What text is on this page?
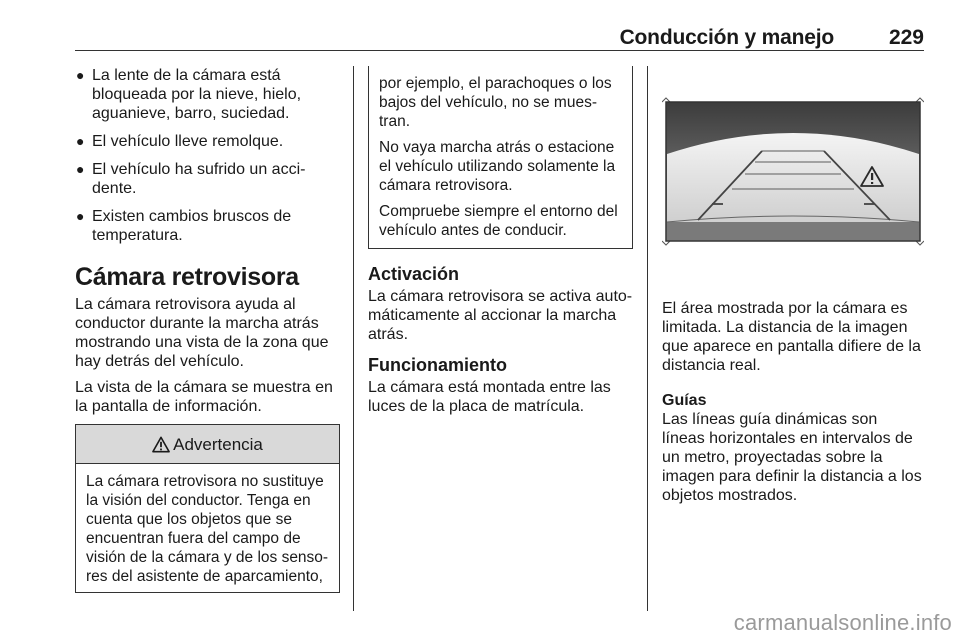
Conducción y manejo	229
● La lente de la cámara está bloqueada por la nieve, hielo, aguanieve, barro, suciedad.
● El vehículo lleve remolque.
● El vehículo ha sufrido un acci-dente.
● Existen cambios bruscos de temperatura.
Cámara retrovisora

La cámara retrovisora ayuda al conductor durante la marcha atrás mostrando una vista de la zona que hay detrás del vehículo.

La vista de la cámara se muestra en la pantalla de información.

Advertencia
La cámara retrovisora no sustituye la visión del conductor. Tenga en cuenta que los objetos que se encuentran fuera del campo de visión de la cámara y de los senso-res del asistente de aparcamiento,

por ejemplo, el parachoques o los bajos del vehículo, no se mues-tran.

No vaya marcha atrás o estacione el vehículo utilizando solamente la cámara retrovisora.

Compruebe siempre el entorno del vehículo antes de conducir.

Activación

La cámara retrovisora se activa auto-máticamente al accionar la marcha atrás.

Funcionamiento

La cámara está montada entre las luces de la placa de matrícula.

El área mostrada por la cámara es limitada. La distancia de la imagen que aparece en pantalla difiere de la distancia real.

Guías

Las líneas guía dinámicas son líneas horizontales en intervalos de un metro, proyectadas sobre la imagen para definir la distancia a los objetos mostrados.

carmanualsonline.info
